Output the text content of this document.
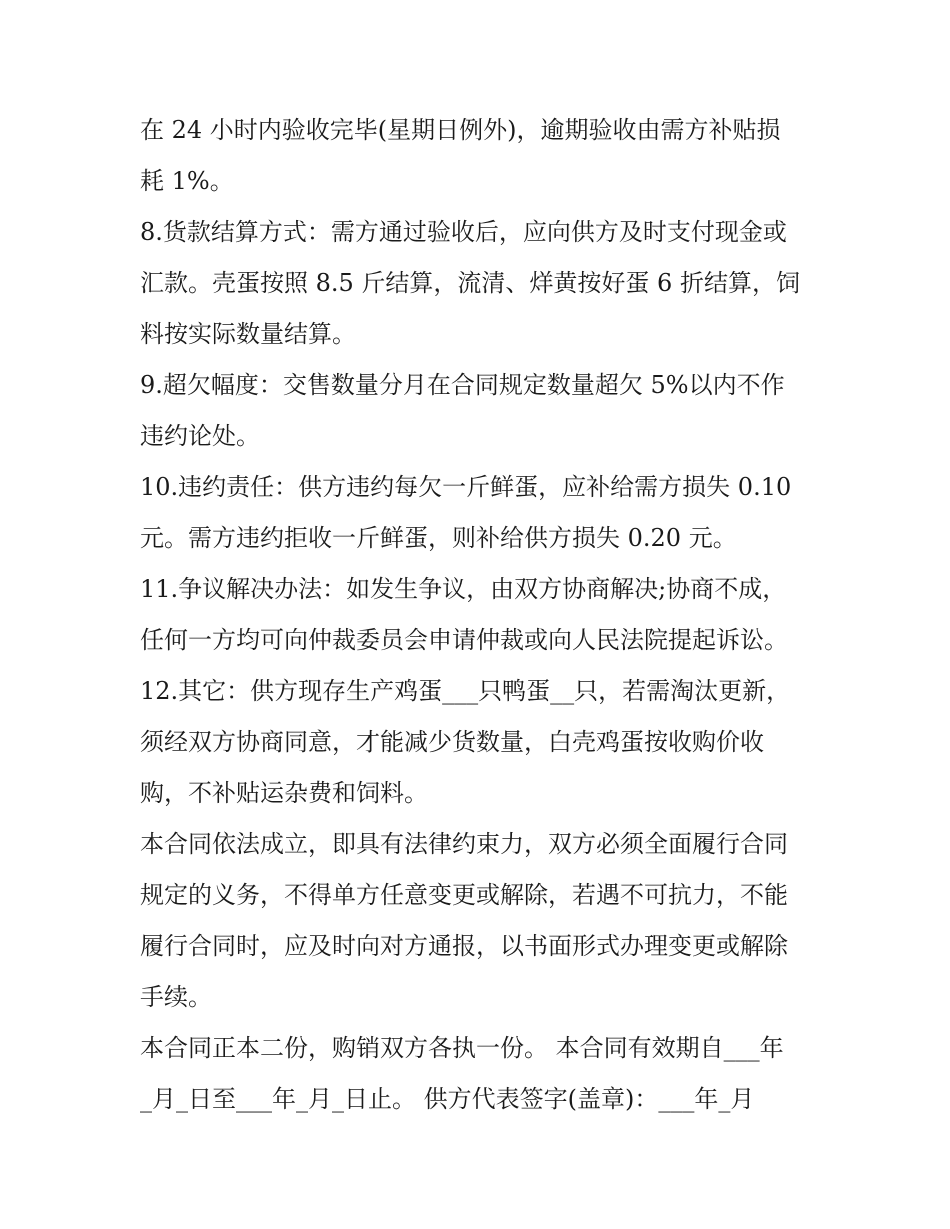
在 24 小时内验收完毕(星期日例外)，逾期验收由需方补贴损
耗 1%。
8.货款结算方式：需方通过验收后，应向供方及时支付现金或
汇款。壳蛋按照 8.5 斤结算，流清、烊黄按好蛋 6 折结算，饲
料按实际数量结算。
9.超欠幅度：交售数量分月在合同规定数量超欠 5%以内不作
违约论处。
10.违约责任：供方违约每欠一斤鲜蛋，应补给需方损失 0.10
元。需方违约拒收一斤鲜蛋，则补给供方损失 0.20 元。
11.争议解决办法：如发生争议，由双方协商解决;协商不成，
任何一方均可向仲裁委员会申请仲裁或向人民法院提起诉讼。
12.其它：供方现存生产鸡蛋___只鸭蛋__只，若需淘汰更新，
须经双方协商同意，才能减少货数量，白壳鸡蛋按收购价收
购，不补贴运杂费和饲料。
本合同依法成立，即具有法律约束力，双方必须全面履行合同
规定的义务，不得单方任意变更或解除，若遇不可抗力，不能
履行合同时，应及时向对方通报，以书面形式办理变更或解除
手续。
本合同正本二份，购销双方各执一份。 本合同有效期自___年
_月_日至___年_月_日止。 供方代表签字(盖章)：___年_月
